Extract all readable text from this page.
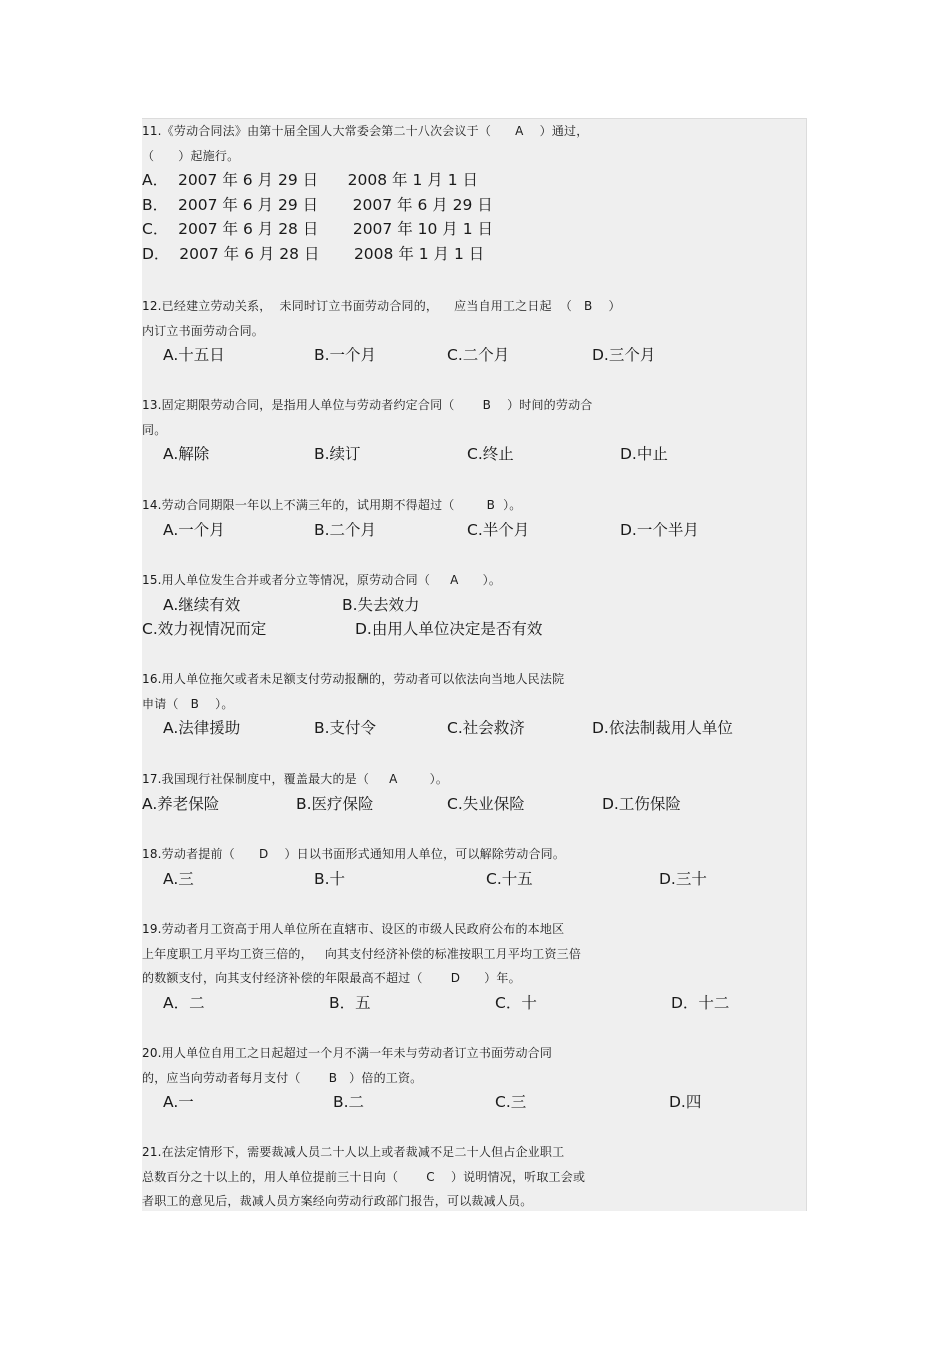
11.《劳动合同法》由第十届全国人大常委会第二十八次会议于（      A    ）通过，
（      ）起施行。
A．  2007 年 6 月 29 日      2008 年 1 月 1 日
B．  2007 年 6 月 29 日       2007 年 6 月 29 日
C．  2007 年 6 月 28 日       2007 年 10 月 1 日
D．  2007 年 6 月 28 日       2008 年 1 月 1 日
12.已经建立劳动关系，  未同时订立书面劳动合同的，    应当自用工之日起  （   B    ）
内订立书面劳动合同。

A.十五日

	B.一个月

	C.二个月

	D.三个月

13.固定期限劳动合同，是指用人单位与劳动者约定合同（       B    ）时间的劳动合
同。

A.解除

	B.续订

	C.终止

	D.中止

14.劳动合同期限一年以上不满三年的，试用期不得超过（        B  ）。

A.一个月

	B.二个月

	C.半个月

	D.一个半月

15.用人单位发生合并或者分立等情况，原劳动合同（     A      ）。

A.继续有效

	B.失去效力

C.效力视情况而定

	D.由用人单位决定是否有效

16.用人单位拖欠或者未足额支付劳动报酬的，劳动者可以依法向当地人民法院
申请（   B    ）。

A.法律援助

	B.支付令

	C.社会救济

	D.依法制裁用人单位

17.我国现行社保制度中，覆盖最大的是（     A        ）。

A.养老保险

	B.医疗保险

	C.失业保险

	D.工伤保险

18.劳动者提前（      D    ）日以书面形式通知用人单位，可以解除劳动合同。

A.三

	B.十

	C.十五

	D.三十

19.劳动者月工资高于用人单位所在直辖市、设区的市级人民政府公布的本地区
上年度职工月平均工资三倍的，   向其支付经济补偿的标准按职工月平均工资三倍
的数额支付，向其支付经济补偿的年限最高不超过（       D      ）年。

A．二

	B．五

	C．十

	D．十二

20.用人单位自用工之日起超过一个月不满一年未与劳动者订立书面劳动合同
的，应当向劳动者每月支付（       B   ）倍的工资。

A.一

	B.二

	C.三

	D.四

21.在法定情形下，需要裁减人员二十人以上或者裁减不足二十人但占企业职工
总数百分之十以上的，用人单位提前三十日向（       C    ）说明情况，听取工会或
者职工的意见后，裁减人员方案经向劳动行政部门报告，可以裁减人员。
